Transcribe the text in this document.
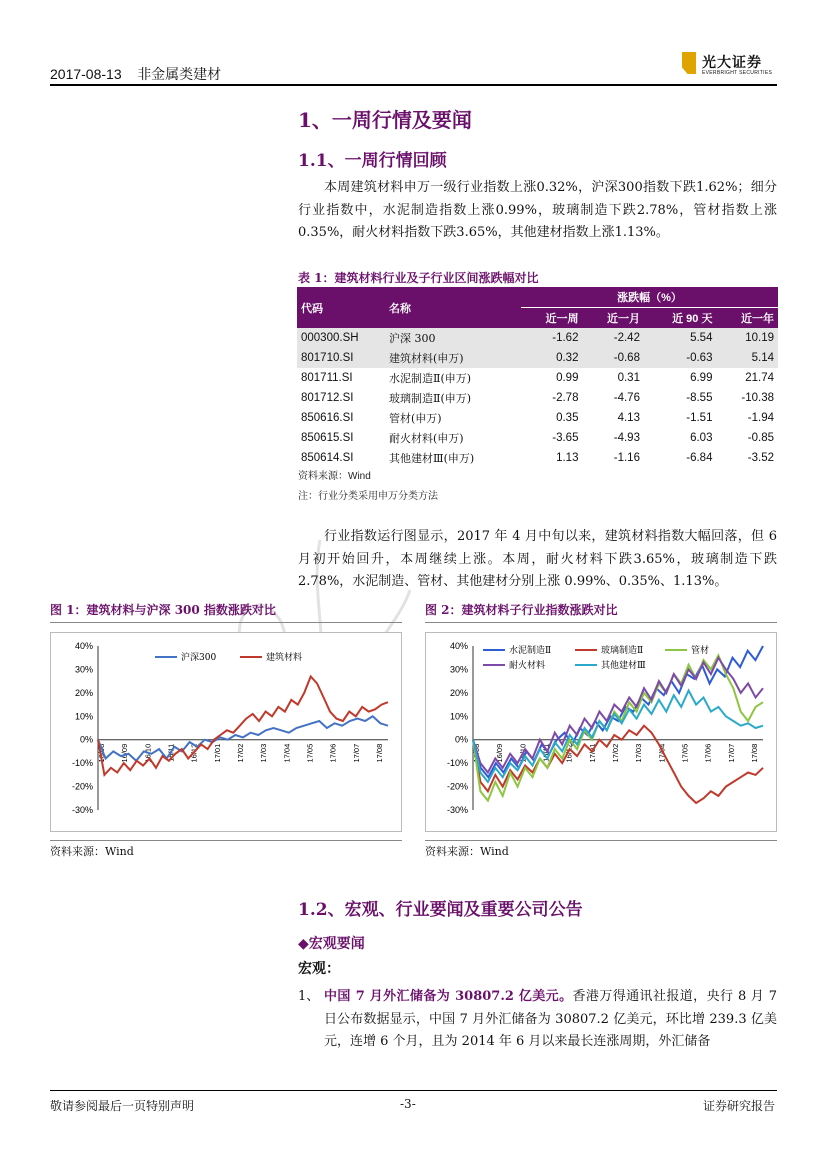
2017-08-13 非金属类建材
光大证券
EVERBRIGHT SECURITIES
1、一周行情及要闻
1.1、一周行情回顾

本周建筑材料申万一级行业指数上涨0.32%，沪深300指数下跌1.62%；细分行业指数中，水泥制造指数上涨0.99%，玻璃制造下跌2.78%，管材指数上涨0.35%，耐火材料指数下跌3.65%，其他建材指数上涨1.13%。

表 1：建筑材料行业及子行业区间涨跌幅对比
代码	名称	涨跌幅（%）			
		近一周	近一月	近 90 天	近一年
000300.SH	沪深 300	-1.62	-2.42	5.54	10.19
801710.SI	建筑材料(申万)	0.32	-0.68	-0.63	5.14
801711.SI	水泥制造Ⅱ(申万)	0.99	0.31	6.99	21.74
801712.SI	玻璃制造Ⅱ(申万)	-2.78	-4.76	-8.55	-10.38
850616.SI	管材(申万)	0.35	4.13	-1.51	-1.94
850615.SI	耐火材料(申万)	-3.65	-4.93	6.03	-0.85
850614.SI	其他建材Ⅲ(申万)	1.13	-1.16	-6.84	-3.52
资料来源：Wind
注：行业分类采用申万分类方法

行业指数运行图显示，2017 年 4 月中旬以来，建筑材料指数大幅回落，但 6 月初开始回升，本周继续上涨。本周，耐火材料下跌3.65%，玻璃制造下跌2.78%，水泥制造、管材、其他建材分别上涨 0.99%、0.35%、1.13%。

图 1：建筑材料与沪深 300 指数涨跌对比	图 2：建筑材料子行业指数涨跌对比
40%
30%
20%
10%
0%
-10%
-20%
-30%
16/08 16/09 16/10 16/11 16/12 17/01 17/02 17/03 17/04 17/05 17/06 17/07 17/08
沪深300	建筑材料
40%
30%
20%
10%
0%
-10%
-20%
-30%
16/08 16/09 16/10 16/11 16/12 17/01 17/02 17/03 17/04 17/05 17/06 17/07 17/08
水泥制造Ⅱ	玻璃制造Ⅱ	管材
耐火材料	其他建材Ⅲ
资料来源：Wind	资料来源：Wind
1.2、宏观、行业要闻及重要公司公告
◆宏观要闻
宏观：
1、 中国 7 月外汇储备为 30807.2 亿美元。香港万得通讯社报道，央行 8 月 7 日公布数据显示，中国 7 月外汇储备为 30807.2 亿美元，环比增 239.3 亿美元，连增 6 个月，且为 2014 年 6 月以来最长连涨周期，外汇储备
敬请参阅最后一页特别声明	-3-	证券研究报告
